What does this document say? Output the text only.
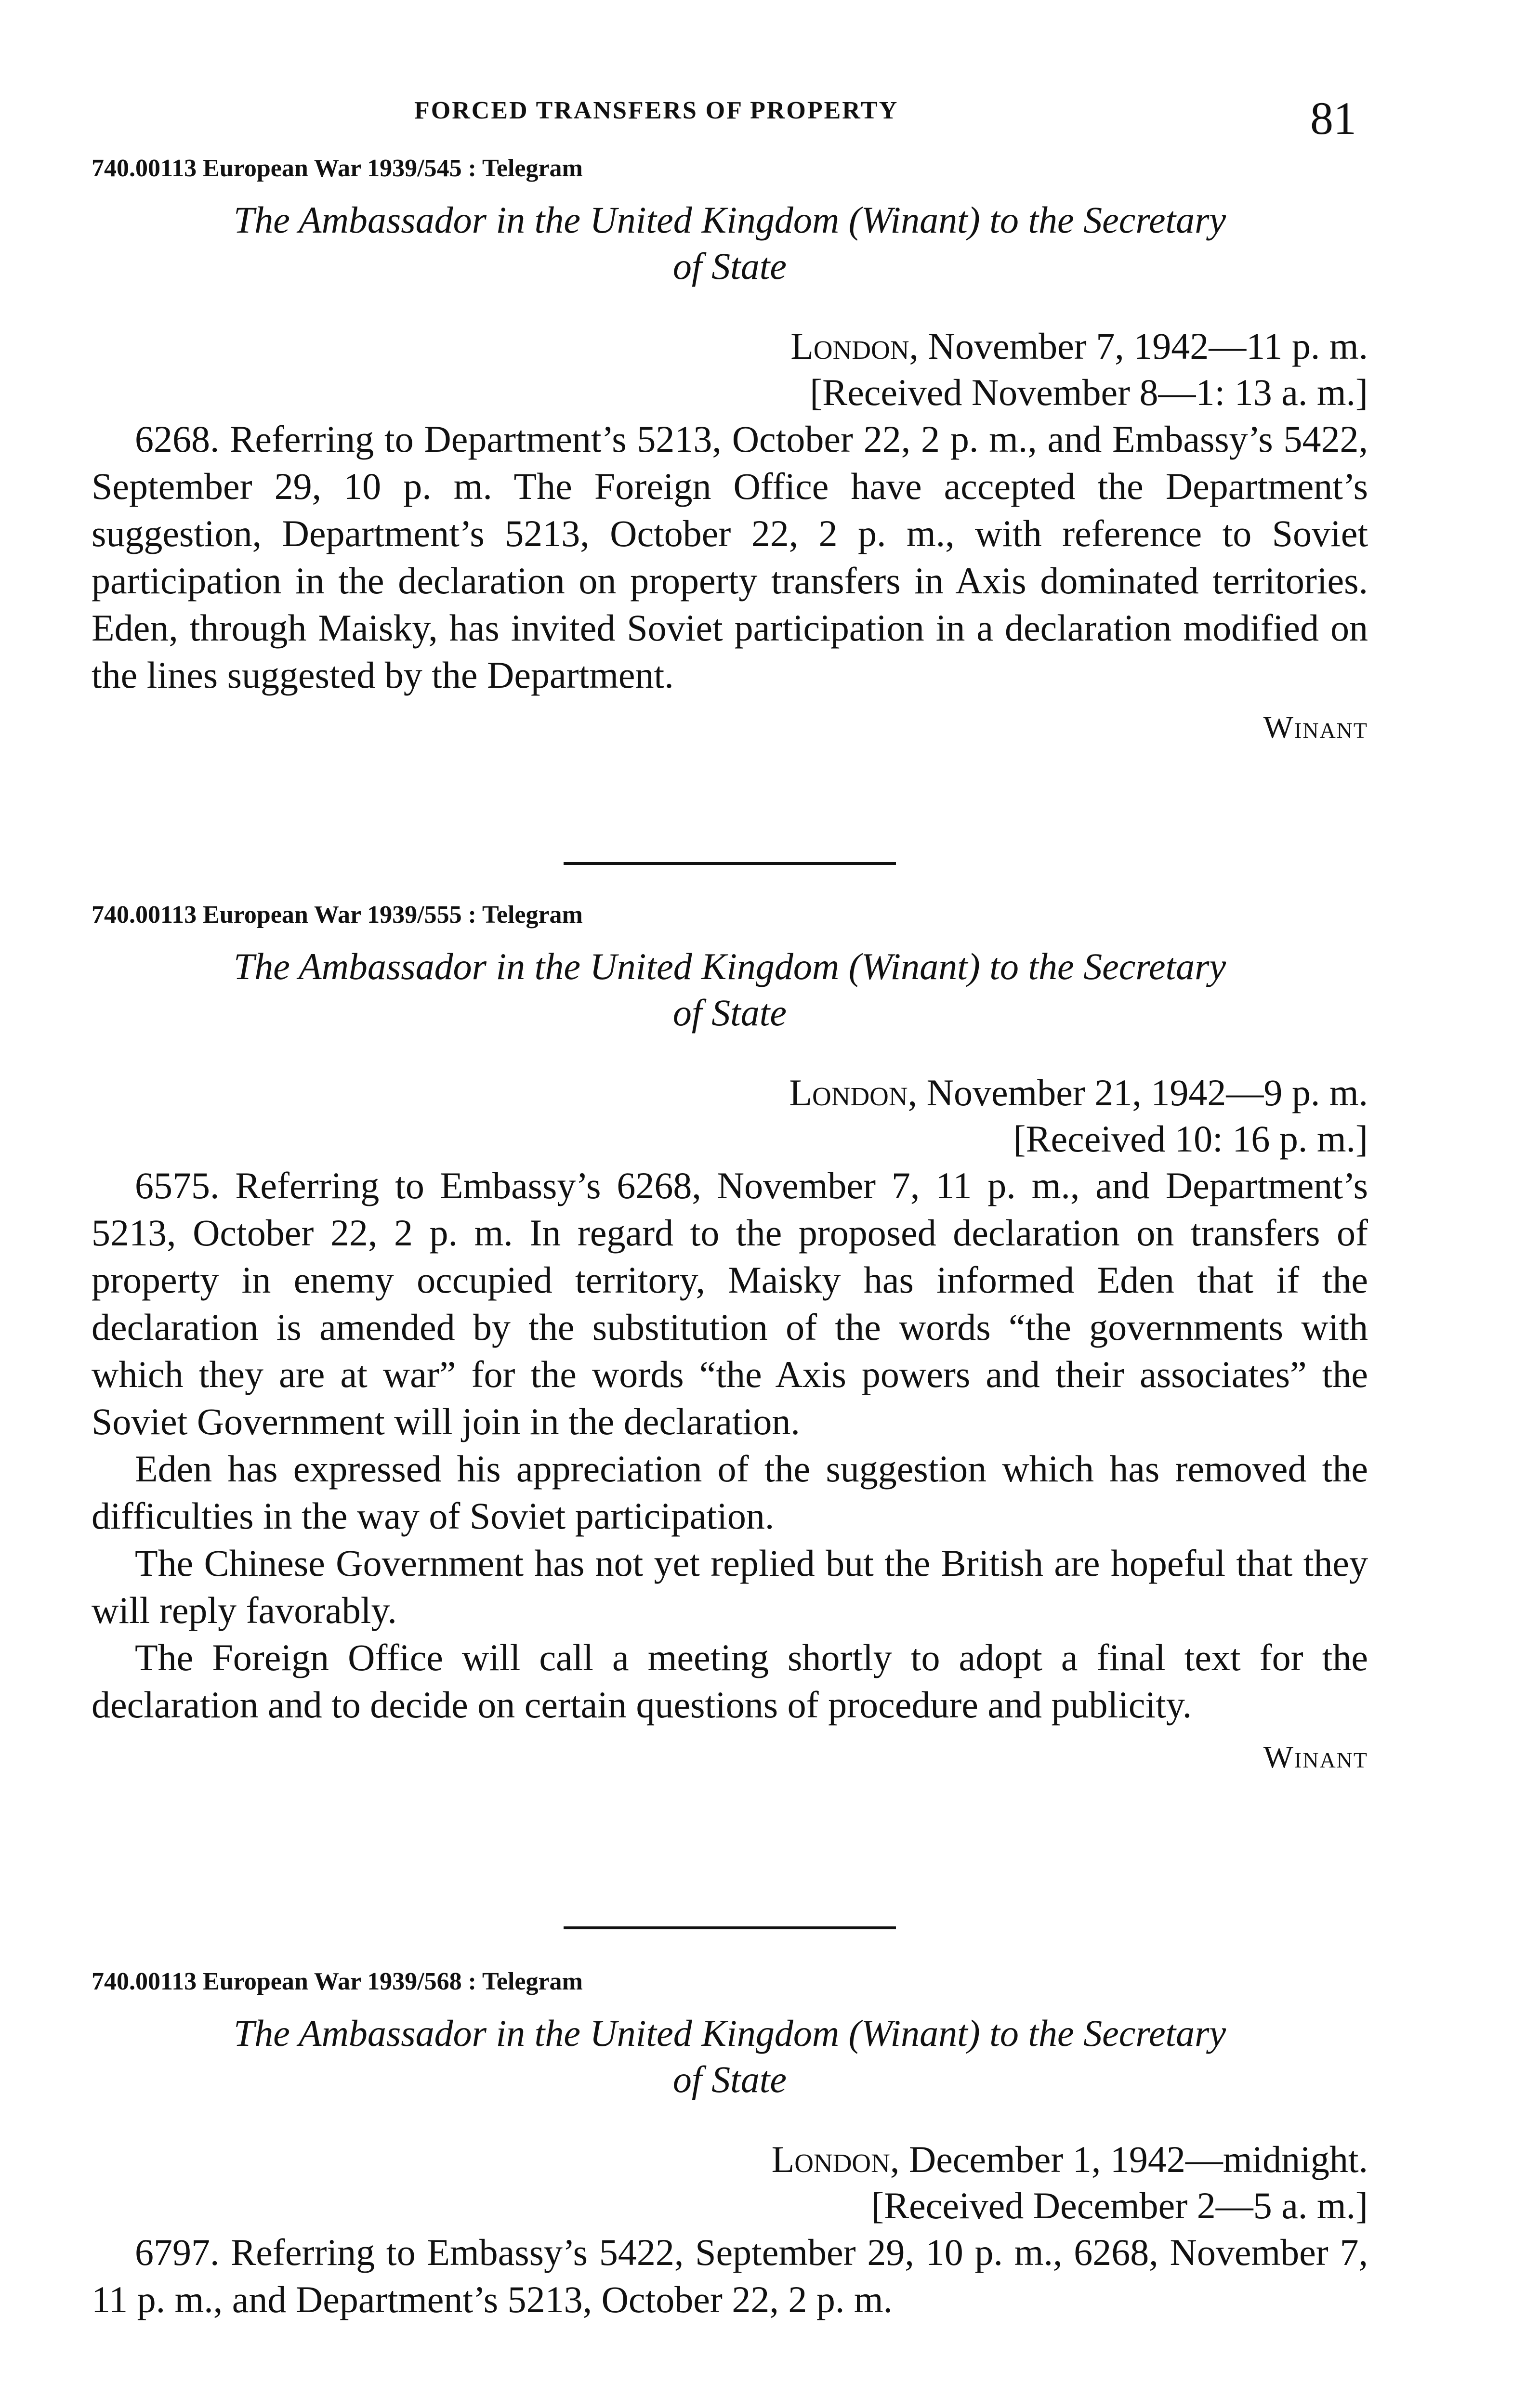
FORCED TRANSFERS OF PROPERTY	81

740.00113 European War 1939/545 : Telegram

The Ambassador in the United Kingdom (Winant) to the Secretary
of State
London, November 7, 1942—11 p. m.
[Received November 8—1: 13 a. m.]

6268. Referring to Department’s 5213, October 22, 2 p. m., and Embassy’s 5422, September 29, 10 p. m. The Foreign Office have accepted the Department’s suggestion, Department’s 5213, October 22, 2 p. m., with reference to Soviet participation in the declaration on property transfers in Axis dominated territories. Eden, through Maisky, has invited Soviet participation in a declaration modified on the lines suggested by the Department.

Winant

740.00113 European War 1939/555 : Telegram

The Ambassador in the United Kingdom (Winant) to the Secretary
of State
London, November 21, 1942—9 p. m.
[Received 10: 16 p. m.]

6575. Referring to Embassy’s 6268, November 7, 11 p. m., and Department’s 5213, October 22, 2 p. m. In regard to the proposed declaration on transfers of property in enemy occupied territory, Maisky has informed Eden that if the declaration is amended by the substitution of the words “the governments with which they are at war” for the words “the Axis powers and their associates” the Soviet Government will join in the declaration.

Eden has expressed his appreciation of the suggestion which has removed the difficulties in the way of Soviet participation.

The Chinese Government has not yet replied but the British are hopeful that they will reply favorably.

The Foreign Office will call a meeting shortly to adopt a final text for the declaration and to decide on certain questions of procedure and publicity.

Winant

740.00113 European War 1939/568 : Telegram

The Ambassador in the United Kingdom (Winant) to the Secretary
of State
London, December 1, 1942—midnight.
[Received December 2—5 a. m.]

6797. Referring to Embassy’s 5422, September 29, 10 p. m., 6268, November 7, 11 p. m., and Department’s 5213, October 22, 2 p. m.
